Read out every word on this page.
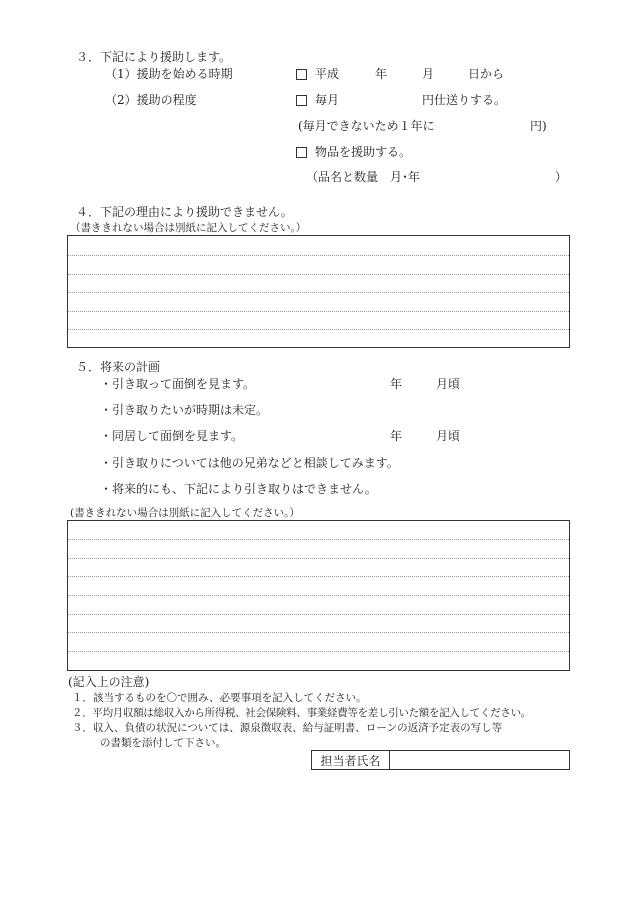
３．下記により援助します。
（1）援助を始める時期	平成	年	月	日から
（2）援助の程度	毎月	円仕送りする。
(毎月できないため１年に	円)
物品を援助する。
（品名と数量　月･年	）
４．下記の理由により援助できません。
（書ききれない場合は別紙に記入してください。）
５．将来の計画
・引き取って面倒を見ます。	年	月頃
・引き取りたいが時期は未定。
・同居して面倒を見ます。	年	月頃
・引き取りについては他の兄弟などと相談してみます。
・将来的にも、下記により引き取りはできません。
(書ききれない場合は別紙に記入してください。）
(記入上の注意)
１．該当するものを〇で囲み、必要事項を記入してください。
２．平均月収額は総収入から所得税、社会保険料、事業経費等を差し引いた額を記入してください。
３．収入、負債の状況については、源泉徴収表、給与証明書、ローンの返済予定表の写し等
の書類を添付して下さい。
担当者氏名
